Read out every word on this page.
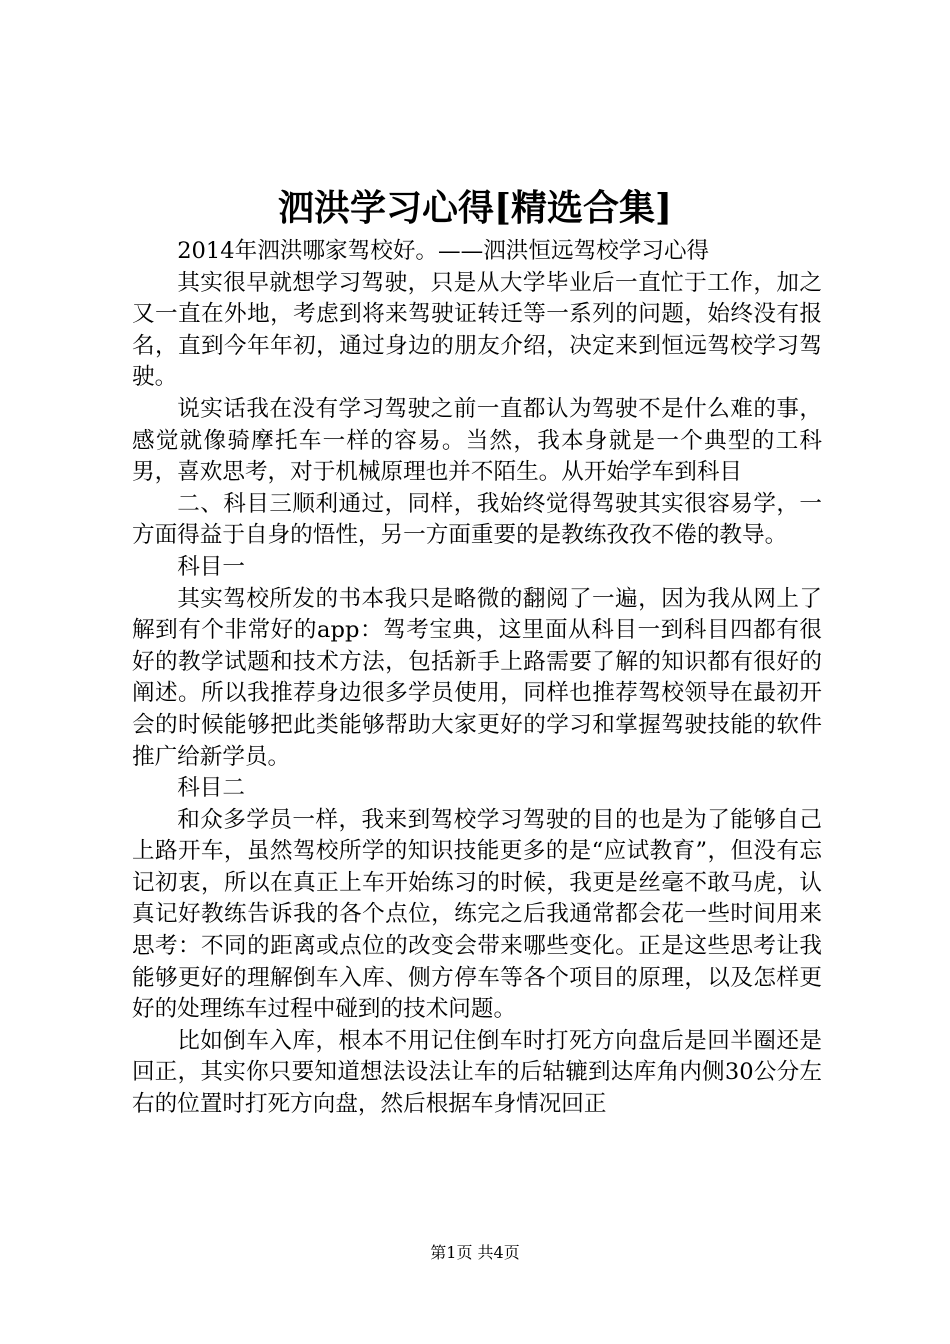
泗洪学习心得[精选合集]

2014年泗洪哪家驾校好。——泗洪恒远驾校学习心得

其实很早就想学习驾驶，只是从大学毕业后一直忙于工作，加之又一直在外地，考虑到将来驾驶证转迁等一系列的问题，始终没有报名，直到今年年初，通过身边的朋友介绍，决定来到恒远驾校学习驾驶。

说实话我在没有学习驾驶之前一直都认为驾驶不是什么难的事，感觉就像骑摩托车一样的容易。当然，我本身就是一个典型的工科男，喜欢思考，对于机械原理也并不陌生。从开始学车到科目

二、科目三顺利通过，同样，我始终觉得驾驶其实很容易学，一方面得益于自身的悟性，另一方面重要的是教练孜孜不倦的教导。

科目一

其实驾校所发的书本我只是略微的翻阅了一遍，因为我从网上了解到有个非常好的app：驾考宝典，这里面从科目一到科目四都有很好的教学试题和技术方法，包括新手上路需要了解的知识都有很好的阐述。所以我推荐身边很多学员使用，同样也推荐驾校领导在最初开会的时候能够把此类能够帮助大家更好的学习和掌握驾驶技能的软件推广给新学员。

科目二

和众多学员一样，我来到驾校学习驾驶的目的也是为了能够自己上路开车，虽然驾校所学的知识技能更多的是“应试教育”，但没有忘记初衷，所以在真正上车开始练习的时候，我更是丝毫不敢马虎，认真记好教练告诉我的各个点位，练完之后我通常都会花一些时间用来思考：不同的距离或点位的改变会带来哪些变化。正是这些思考让我能够更好的理解倒车入库、侧方停车等各个项目的原理，以及怎样更好的处理练车过程中碰到的技术问题。

比如倒车入库，根本不用记住倒车时打死方向盘后是回半圈还是回正，其实你只要知道想法设法让车的后轱辘到达库角内侧30公分左右的位置时打死方向盘，然后根据车身情况回正

第1页 共4页
